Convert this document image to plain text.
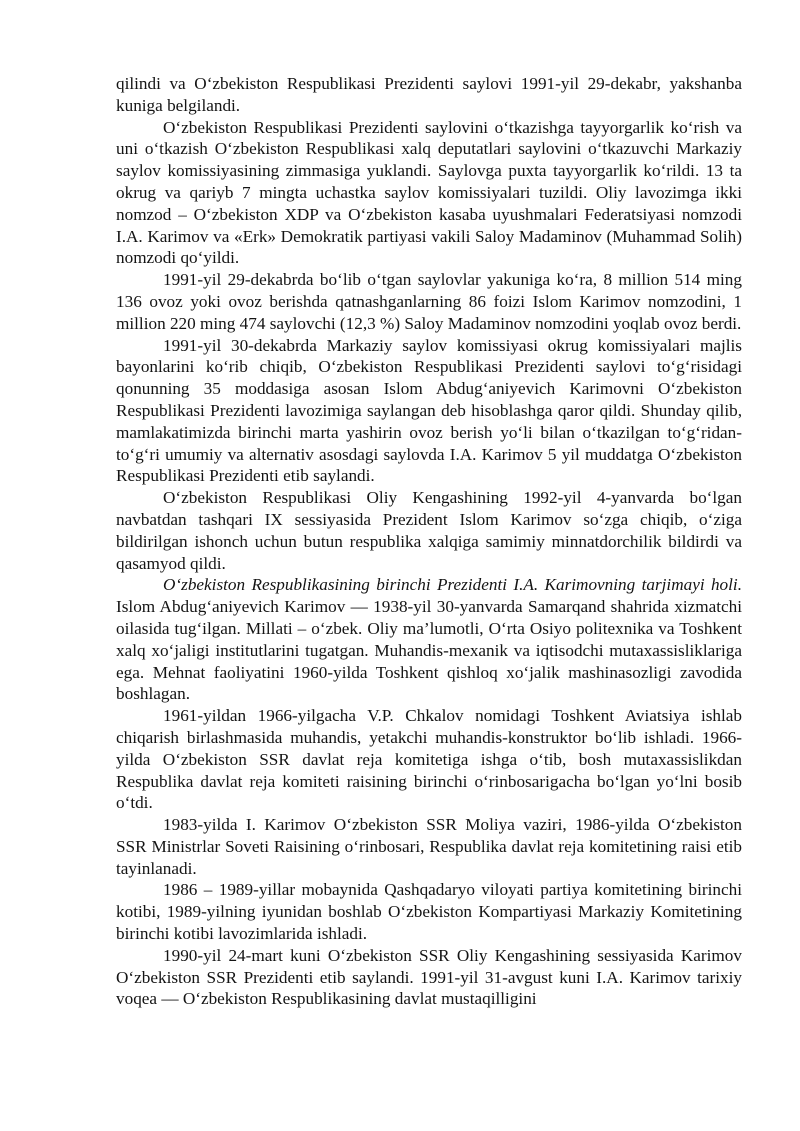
qilindi va O‘zbekiston Respublikasi Prezidenti saylovi 1991-yil 29-dekabr, yakshanba kuniga belgilandi.

O‘zbekiston Respublikasi Prezidenti saylovini o‘tkazishga tayyorgarlik ko‘rish va uni o‘tkazish O‘zbekiston Respublikasi xalq deputatlari saylovini o‘tkazuvchi Markaziy saylov komissiyasining zimmasiga yuklandi. Saylovga puxta tayyorgarlik ko‘rildi. 13 ta okrug va qariyb 7 mingta uchastka saylov komissiyalari tuzildi. Oliy lavozimga ikki nomzod – O‘zbekiston XDP va O‘zbekiston kasaba uyushmalari Federatsiyasi nomzodi I.A. Karimov va «Erk» Demokratik partiyasi vakili Saloy Madaminov (Muhammad Solih) nomzodi qo‘yildi.

1991-yil 29-dekabrda bo‘lib o‘tgan saylovlar yakuniga ko‘ra, 8 million 514 ming 136 ovoz yoki ovoz berishda qatnashganlarning 86 foizi Islom Karimov nomzodini, 1 million 220 ming 474 saylovchi (12,3 %) Saloy Madaminov nomzodini yoqlab ovoz berdi.

1991-yil 30-dekabrda Markaziy saylov komissiyasi okrug komissiyalari majlis bayonlarini ko‘rib chiqib, O‘zbekiston Respublikasi Prezidenti saylovi to‘g‘risidagi qonunning 35 moddasiga asosan Islom Abdug‘aniyevich Karimovni O‘zbekiston Respublikasi Prezidenti lavozimiga saylangan deb hisoblashga qaror qildi. Shunday qilib, mamlakatimizda birinchi marta yashirin ovoz berish yo‘li bilan o‘tkazilgan to‘g‘ridan-to‘g‘ri umumiy va alternativ asosdagi saylovda I.A. Karimov 5 yil muddatga O‘zbekiston Respublikasi Prezidenti etib saylandi.

O‘zbekiston Respublikasi Oliy Kengashining 1992-yil 4-yanvarda bo‘lgan navbatdan tashqari IX sessiyasida Prezident Islom Karimov so‘zga chiqib, o‘ziga bildirilgan ishonch uchun butun respublika xalqiga samimiy minnatdorchilik bildirdi va qasamyod qildi.

O‘zbekiston Respublikasining birinchi Prezidenti I.A. Karimovning tarjimayi holi. Islom Abdug‘aniyevich Karimov — 1938-yil 30-yanvarda Samarqand shahrida xizmatchi oilasida tug‘ilgan. Millati – o‘zbek. Oliy ma’lumotli, O‘rta Osiyo politexnika va Toshkent xalq xo‘jaligi institutlarini tugatgan. Muhandis-mexanik va iqtisodchi mutaxassisliklariga ega. Mehnat faoliyatini 1960-yilda Toshkent qishloq xo‘jalik mashinasozligi zavodida boshlagan.

1961-yildan 1966-yilgacha V.P. Chkalov nomidagi Toshkent Aviatsiya ishlab chiqarish birlashmasida muhandis, yetakchi muhandis-konstruktor bo‘lib ishladi. 1966-yilda O‘zbekiston SSR davlat reja komitetiga ishga o‘tib, bosh mutaxassislikdan Respublika davlat reja komiteti raisining birinchi o‘rinbosarigacha bo‘lgan yo‘lni bosib o‘tdi.

1983-yilda I. Karimov O‘zbekiston SSR Moliya vaziri, 1986-yilda O‘zbekiston SSR Ministrlar Soveti Raisining o‘rinbosari, Respublika davlat reja komitetining raisi etib tayinlanadi.

1986 – 1989-yillar mobaynida Qashqadaryo viloyati partiya komitetining birinchi kotibi, 1989-yilning iyunidan boshlab O‘zbekiston Kompartiyasi Markaziy Komitetining birinchi kotibi lavozimlarida ishladi.

1990-yil 24-mart kuni O‘zbekiston SSR Oliy Kengashining sessiyasida Karimov O‘zbekiston SSR Prezidenti etib saylandi. 1991-yil 31-avgust kuni I.A. Karimov tarixiy voqea — O‘zbekiston Respublikasining davlat mustaqilligini
